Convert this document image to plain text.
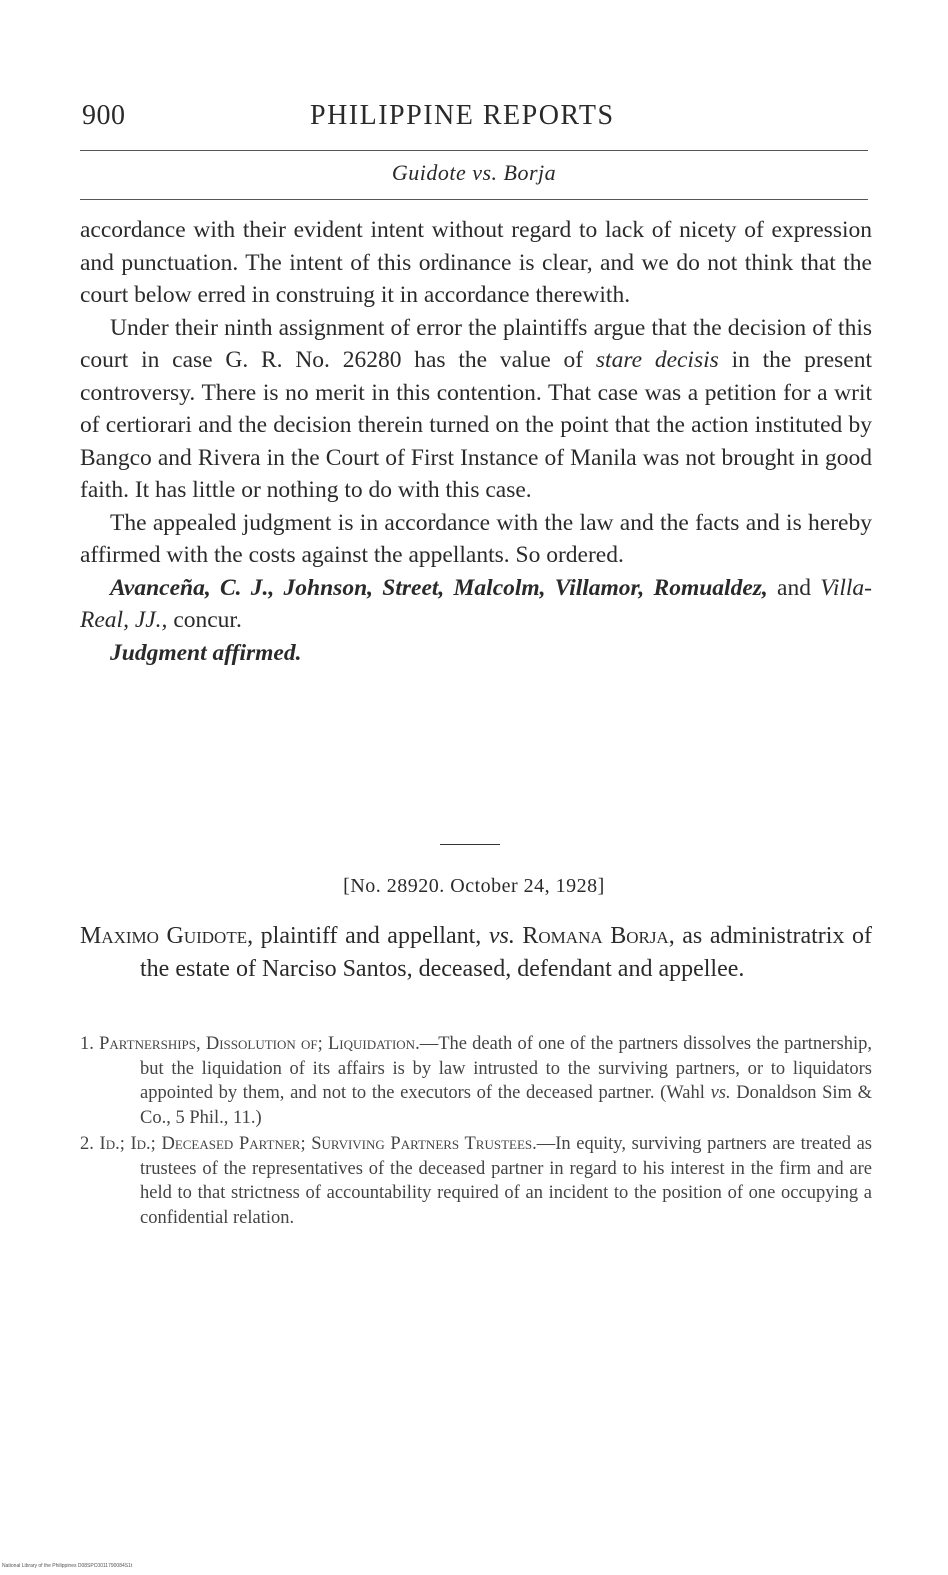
900	PHILIPPINE REPORTS
Guidote vs. Borja

accordance with their evident intent without regard to lack of nicety of expression and punctuation. The intent of this ordinance is clear, and we do not think that the court below erred in construing it in accordance therewith.

Under their ninth assignment of error the plaintiffs argue that the decision of this court in case G. R. No. 26280 has the value of stare decisis in the present controversy. There is no merit in this contention. That case was a petition for a writ of certiorari and the decision therein turned on the point that the action instituted by Bangco and Rivera in the Court of First Instance of Manila was not brought in good faith. It has little or nothing to do with this case.

The appealed judgment is in accordance with the law and the facts and is hereby affirmed with the costs against the appellants. So ordered.

Avanceña, C. J., Johnson, Street, Malcolm, Villamor, Romualdez, and Villa-Real, JJ., concur.

Judgment affirmed.

[No. 28920. October 24, 1928]
Maximo Guidote, plaintiff and appellant, vs. Romana Borja, as administratrix of the estate of Narciso Santos, deceased, defendant and appellee.
1. Partnerships, Dissolution of; Liquidation.—The death of one of the partners dissolves the partnership, but the liquidation of its affairs is by law intrusted to the surviving partners, or to liquidators appointed by them, and not to the executors of the deceased partner. (Wahl vs. Donaldson Sim & Co., 5 Phil., 11.)
2. Id.; Id.; Deceased Partner; Surviving Partners Trustees.—In equity, surviving partners are treated as trustees of the representatives of the deceased partner in regard to his interest in the firm and are held to that strictness of accountability required of an incident to the position of one occupying a confidential relation.
National Library of the Philippines D08SPC0011790084S1t
